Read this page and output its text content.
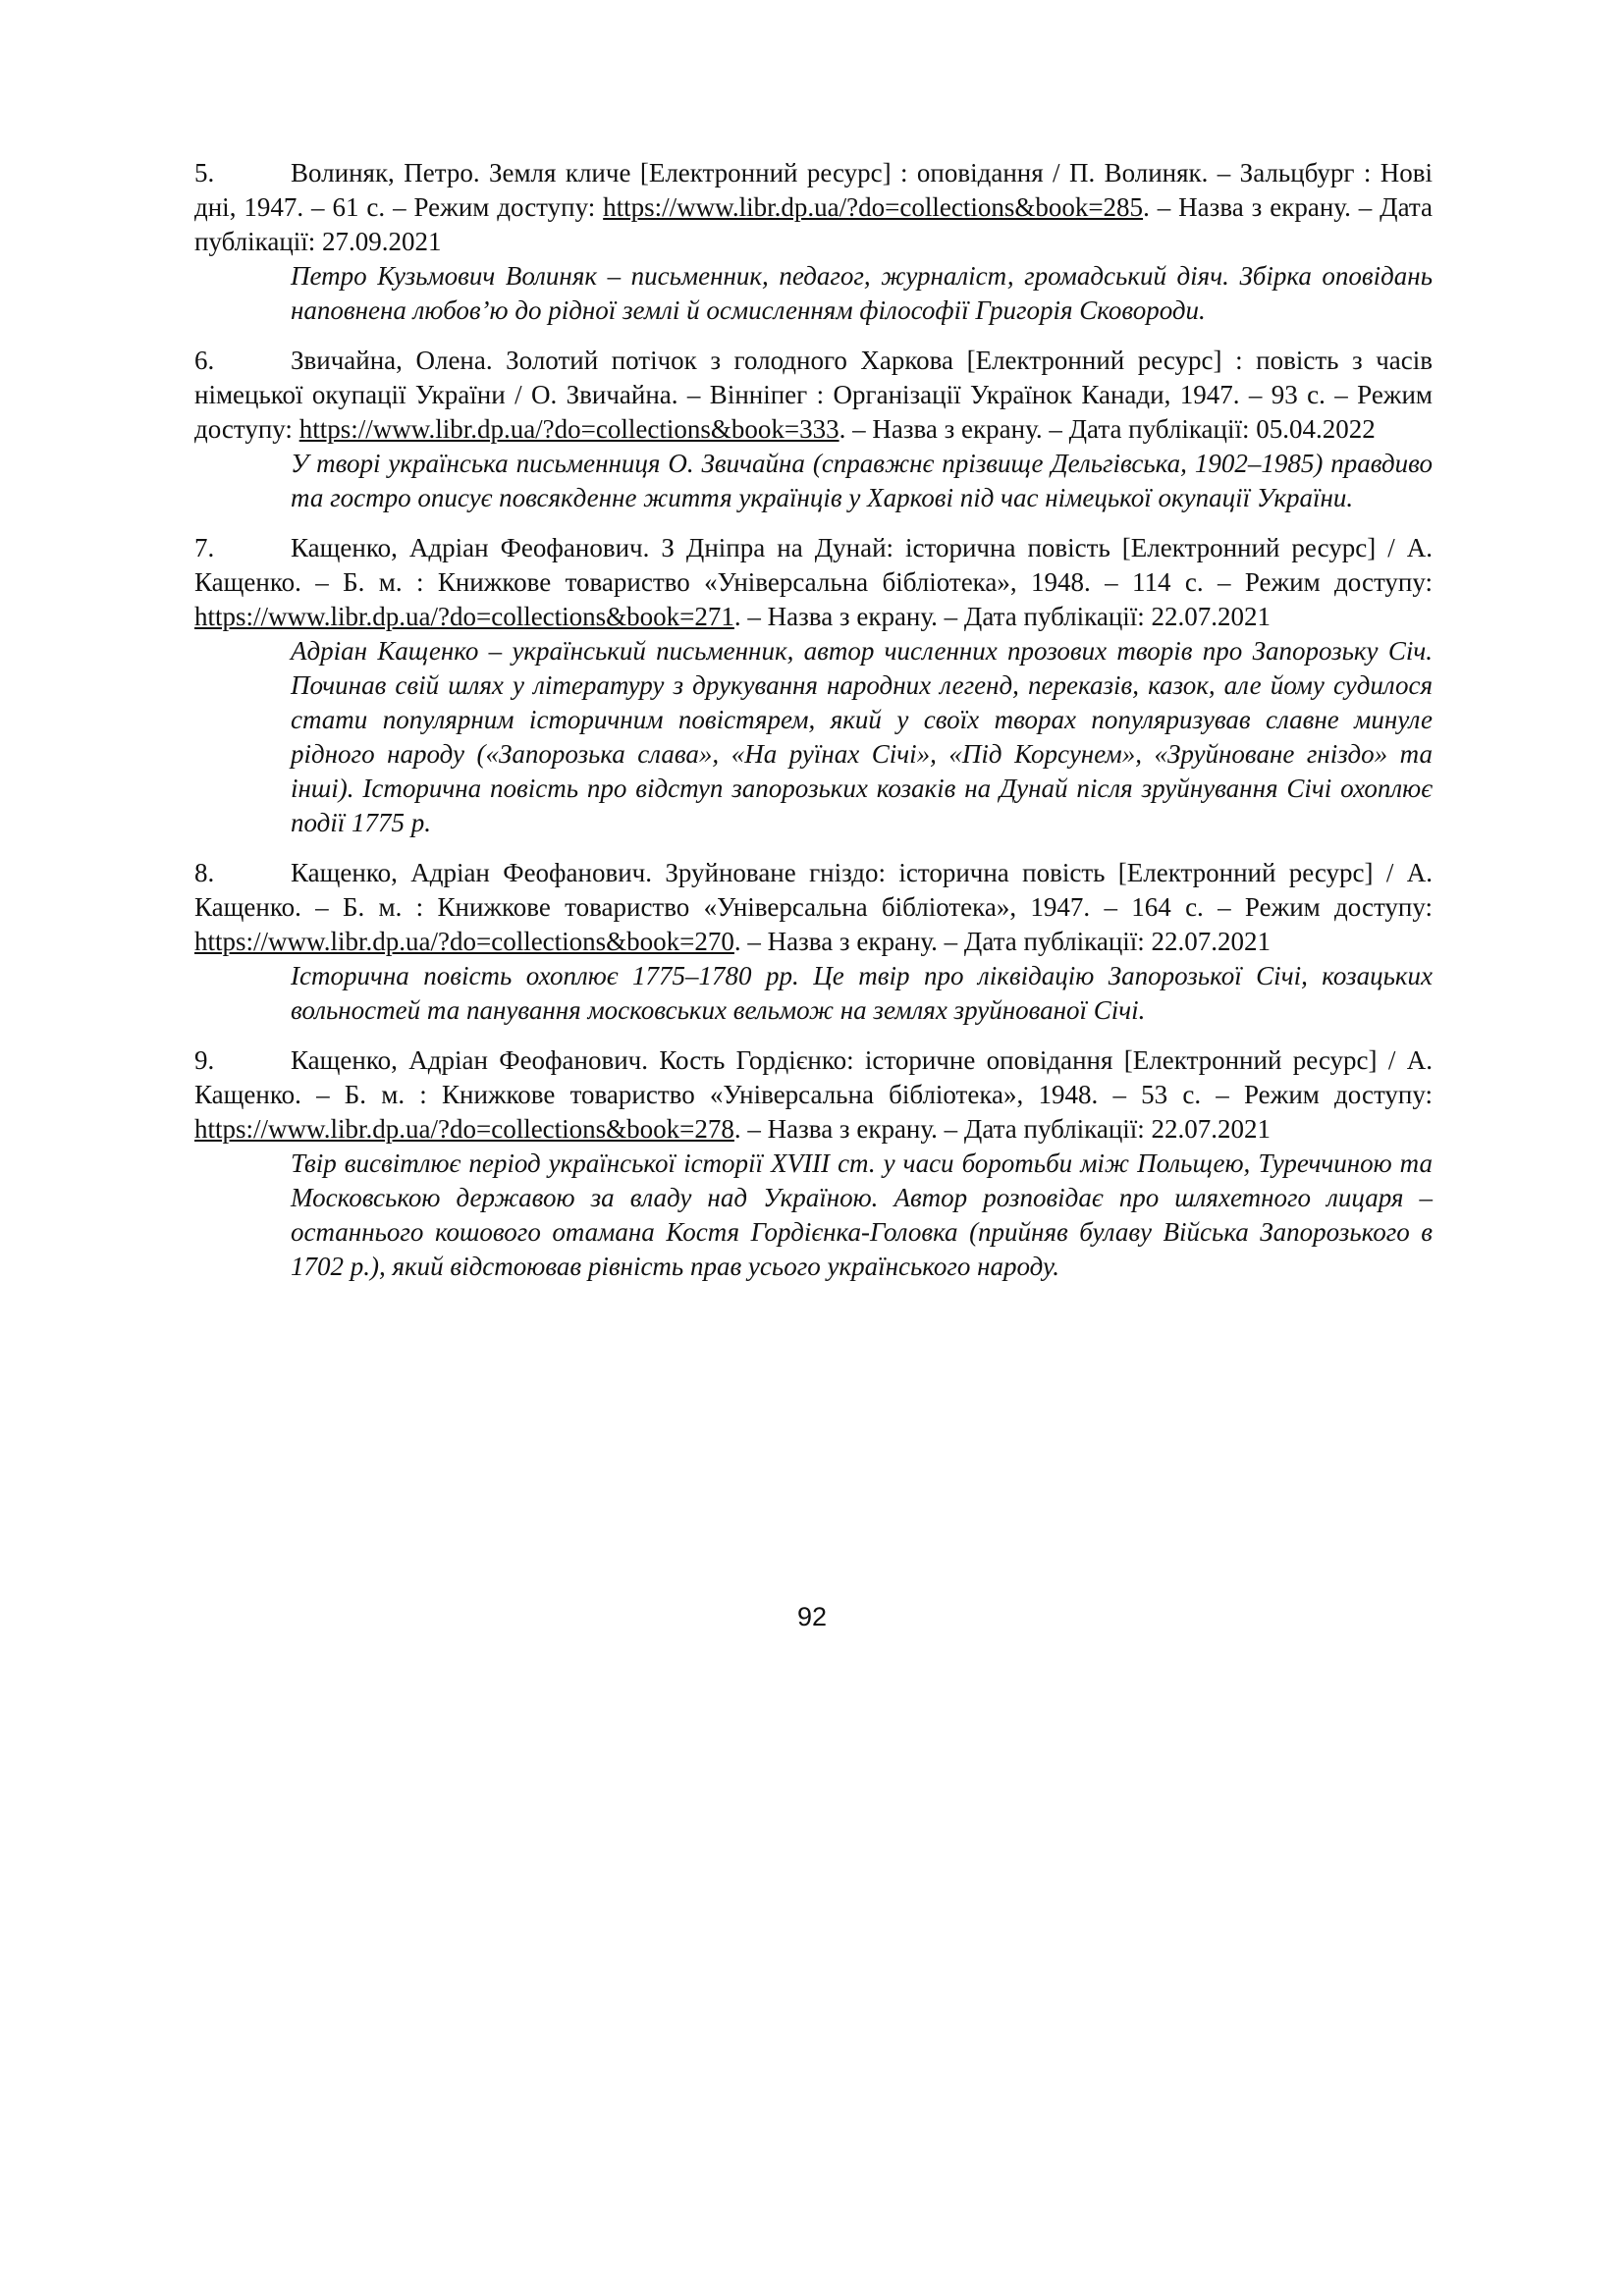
5.	Волиняк, Петро. Земля кличе [Електронний ресурс] : оповідання / П. Волиняк. – Зальцбург : Нові дні, 1947. – 61 с. – Режим доступу: https://www.libr.dp.ua/?do=collections&book=285. – Назва з екрану. – Дата публікації: 27.09.2021

Петро Кузьмович Волиняк – письменник, педагог, журналіст, громадський діяч. Збірка оповідань наповнена любов’ю до рідної землі й осмисленням філософії Григорія Сковороди.

6.	Звичайна, Олена. Золотий потічок з голодного Харкова [Електронний ресурс] : повість з часів німецької окупації України / О. Звичайна. – Вінніпег : Організації Українок Канади, 1947. – 93 с. – Режим доступу: https://www.libr.dp.ua/?do=collections&book=333. – Назва з екрану. – Дата публікації: 05.04.2022

У творі українська письменниця О. Звичайна (справжнє прізвище Дельгівська, 1902–1985) правдиво та гостро описує повсякденне життя українців у Харкові під час німецької окупації України.

7.	Кащенко, Адріан Феофанович. З Дніпра на Дунай: історична повість [Електронний ресурс] / А. Кащенко. – Б. м. : Книжкове товариство «Універсальна бібліотека», 1948. – 114 с. – Режим доступу: https://www.libr.dp.ua/?do=collections&book=271. – Назва з екрану. – Дата публікації: 22.07.2021

Адріан Кащенко – український письменник, автор численних прозових творів про Запорозьку Січ. Починав свій шлях у літературу з друкування народних легенд, переказів, казок, але йому судилося стати популярним історичним повістярем, який у своїх творах популяризував славне минуле рідного народу («Запорозька слава», «На руїнах Січі», «Під Корсунем», «Зруйноване гніздо» та інші). Історична повість про відступ запорозьких козаків на Дунай після зруйнування Січі охоплює події 1775 р.

8.	Кащенко, Адріан Феофанович. Зруйноване гніздо: історична повість [Електронний ресурс] / А. Кащенко. – Б. м. : Книжкове товариство «Універсальна бібліотека», 1947. – 164 с. – Режим доступу: https://www.libr.dp.ua/?do=collections&book=270. – Назва з екрану. – Дата публікації: 22.07.2021

Історична повість охоплює 1775–1780 рр. Це твір про ліквідацію Запорозької Січі, козацьких вольностей та панування московських вельмож на землях зруйнованої Січі.

9.	Кащенко, Адріан Феофанович. Кость Гордієнко: історичне оповідання [Електронний ресурс] / А. Кащенко. – Б. м. : Книжкове товариство «Універсальна бібліотека», 1948. – 53 с. – Режим доступу: https://www.libr.dp.ua/?do=collections&book=278. – Назва з екрану. – Дата публікації: 22.07.2021

Твір висвітлює період української історії XVIII ст. у часи боротьби між Польщею, Туреччиною та Московською державою за владу над Україною. Автор розповідає про шляхетного лицаря – останнього кошового отамана Костя Гордієнка-Головка (прийняв булаву Війська Запорозького в 1702 р.), який відстоював рівність прав усього українського народу.

92
